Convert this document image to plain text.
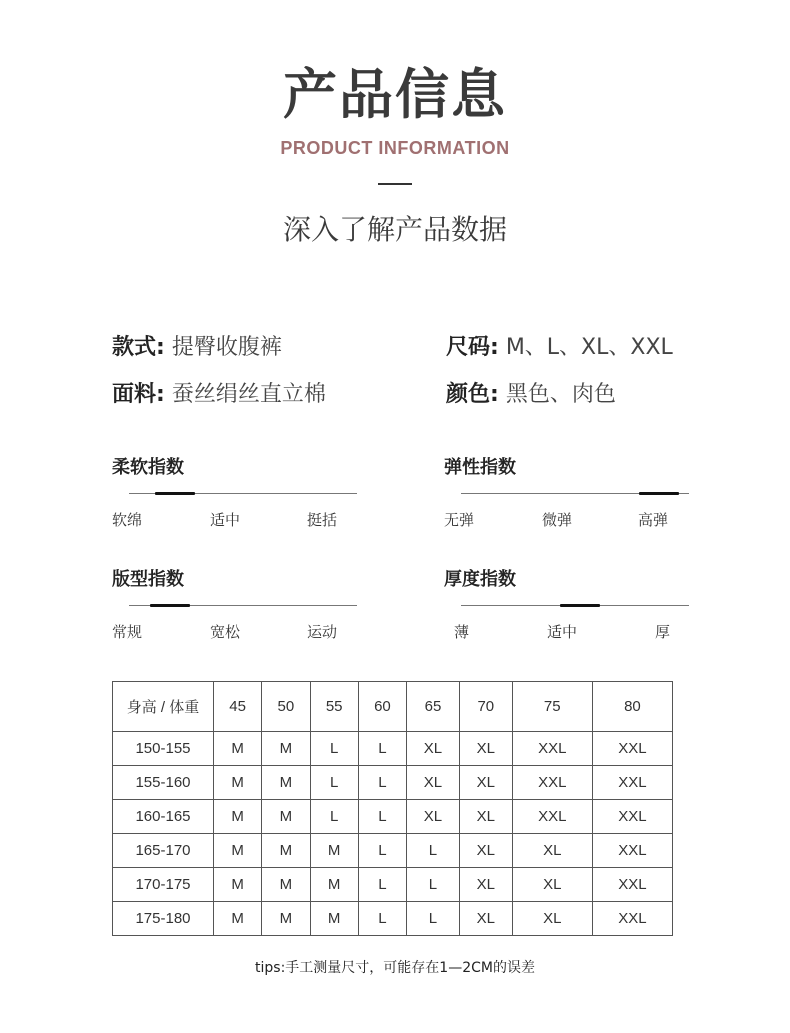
产品信息
PRODUCT INFORMATION
深入了解产品数据
款式: 提臀收腹裤	尺码: M、L、XL、XXL
面料: 蚕丝绢丝直立棉	颜色: 黑色、肉色
柔软指数
软绵	适中	挺括
弹性指数
无弹	微弹	高弹
版型指数
常规	宽松	运动
厚度指数
薄	适中	厚
身高 / 体重	45	50	55	60	65	70	75	80
150-155	M	M	L	L	XL	XL	XXL	XXL
155-160	M	M	L	L	XL	XL	XXL	XXL
160-165	M	M	L	L	XL	XL	XXL	XXL
165-170	M	M	M	L	L	XL	XL	XXL
170-175	M	M	M	L	L	XL	XL	XXL
175-180	M	M	M	L	L	XL	XL	XXL
tips:手工测量尺寸，可能存在1—2CM的误差
